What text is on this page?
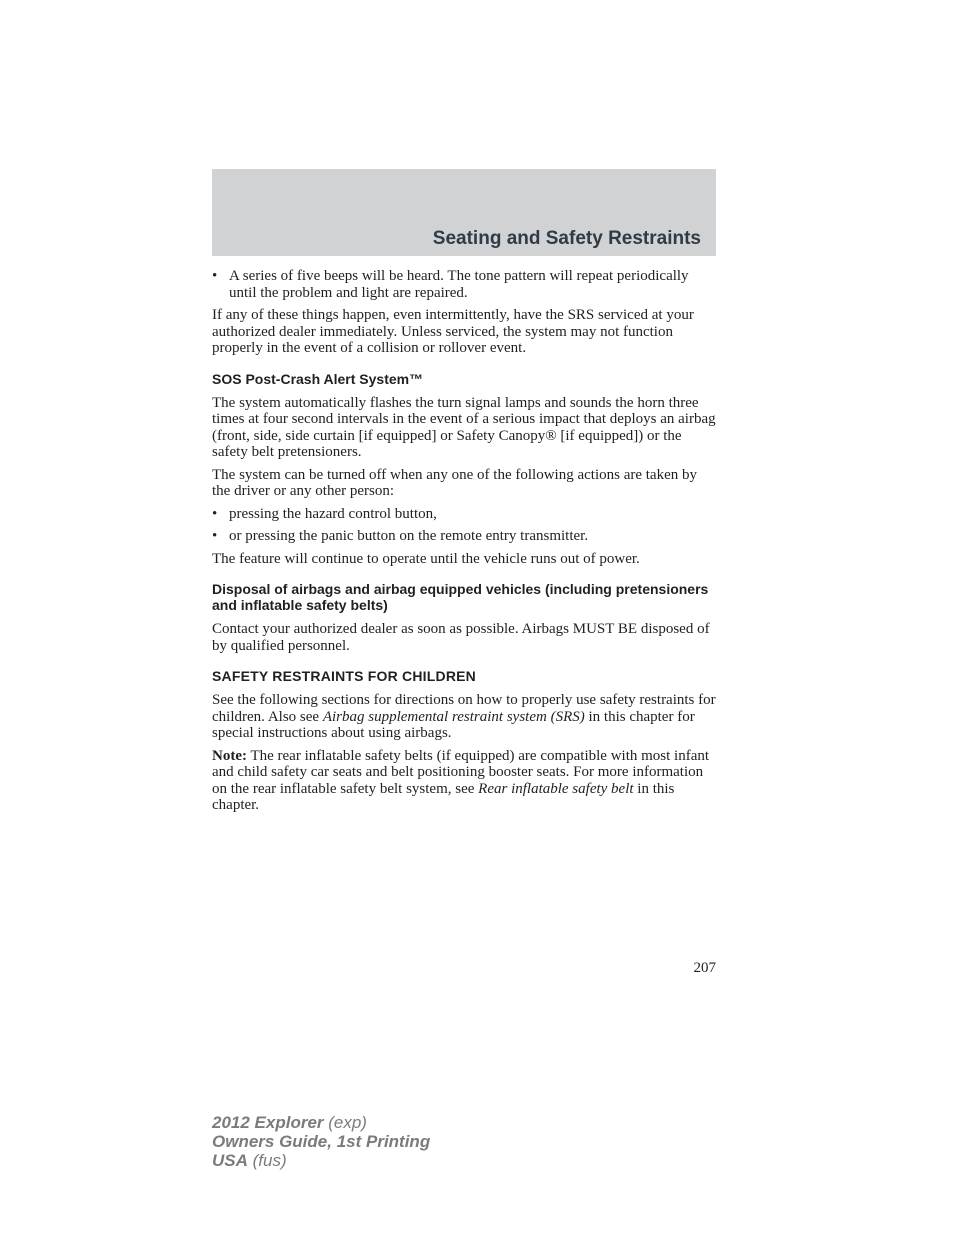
Seating and Safety Restraints
• A series of five beeps will be heard. The tone pattern will repeat periodically until the problem and light are repaired.

If any of these things happen, even intermittently, have the SRS serviced at your authorized dealer immediately. Unless serviced, the system may not function properly in the event of a collision or rollover event.

SOS Post-Crash Alert System™

The system automatically flashes the turn signal lamps and sounds the horn three times at four second intervals in the event of a serious impact that deploys an airbag (front, side, side curtain [if equipped] or Safety Canopy® [if equipped]) or the safety belt pretensioners.

The system can be turned off when any one of the following actions are taken by the driver or any other person:

• pressing the hazard control button,
• or pressing the panic button on the remote entry transmitter.

The feature will continue to operate until the vehicle runs out of power.

Disposal of airbags and airbag equipped vehicles (including pretensioners and inflatable safety belts)

Contact your authorized dealer as soon as possible. Airbags MUST BE disposed of by qualified personnel.

SAFETY RESTRAINTS FOR CHILDREN

See the following sections for directions on how to properly use safety restraints for children. Also see Airbag supplemental restraint system (SRS) in this chapter for special instructions about using airbags.

Note: The rear inflatable safety belts (if equipped) are compatible with most infant and child safety car seats and belt positioning booster seats. For more information on the rear inflatable safety belt system, see Rear inflatable safety belt in this chapter.

207
2012 Explorer (exp)
Owners Guide, 1st Printing
USA (fus)
